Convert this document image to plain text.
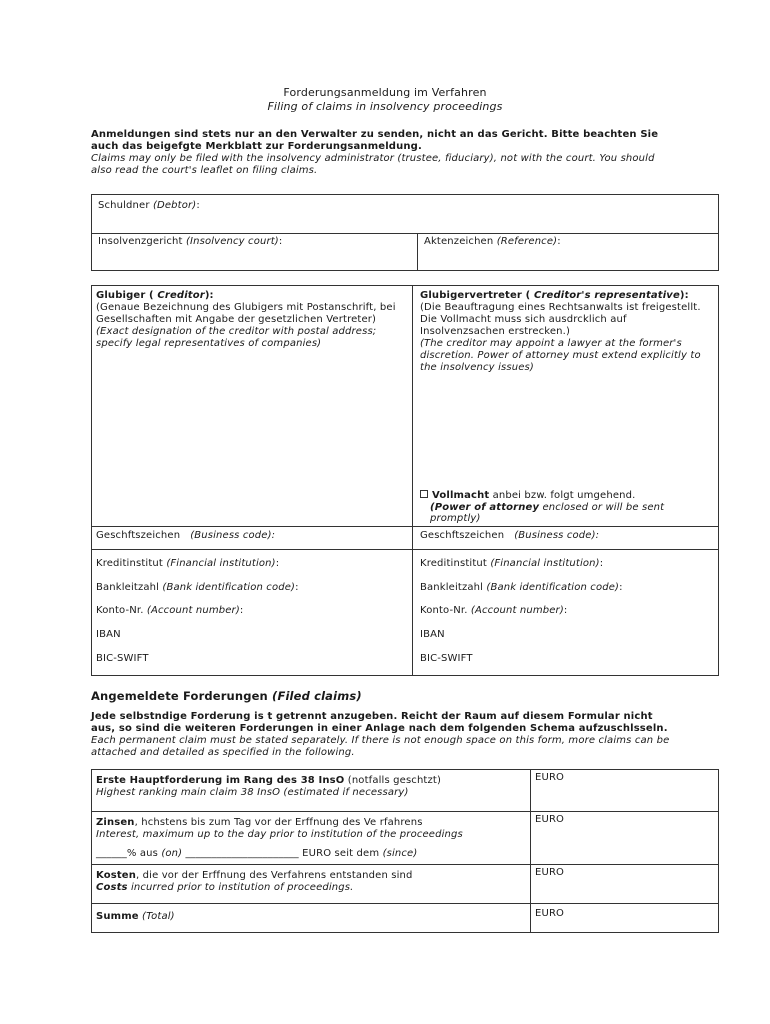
Forderungsanmeldung im Verfahren
Filing of claims in insolvency proceedings
Anmeldungen sind stets nur an den Verwalter zu senden, nicht an das Gericht. Bitte beachten Sie
auch das beigefgte Merkblatt zur Forderungsanmeldung.
Claims may only be filed with the insolvency administrator (trustee, fiduciary), not with the court. You should
also read the court's leaflet on filing claims.
Schuldner (Debtor):
Insolvenzgericht (Insolvency court):	Aktenzeichen (Reference):
Glubiger ( Creditor):
(Genaue Bezeichnung des Glubigers mit Postanschrift, bei
Gesellschaften mit Angabe der gesetzlichen Vertreter)
(Exact designation of the creditor with postal address;
specify legal representatives of companies)
Glubigervertreter ( Creditor's representative):
(Die Beauftragung eines Rechtsanwalts ist freigestellt.
Die Vollmacht muss sich ausdrcklich auf
Insolvenzsachen erstrecken.)
(The creditor may appoint a lawyer at the former's
discretion. Power of attorney must extend explicitly to
the insolvency issues)
Vollmacht anbei bzw. folgt umgehend.
(Power of attorney enclosed or will be sent
promptly)
Geschftszeichen (Business code):	Geschftszeichen (Business code):
Kreditinstitut (Financial institution):
Bankleitzahl (Bank identification code):
Konto-Nr. (Account number):
IBAN
BIC-SWIFT
Kreditinstitut (Financial institution):
Bankleitzahl (Bank identification code):
Konto-Nr. (Account number):
IBAN
BIC-SWIFT
Angemeldete Forderungen (Filed claims)
Jede selbstndige Forderung is t getrennt anzugeben. Reicht der Raum auf diesem Formular nicht
aus, so sind die weiteren Forderungen in einer Anlage nach dem folgenden Schema aufzuschlsseln.
Each permanent claim must be stated separately. If there is not enough space on this form, more claims can be
attached and detailed as specified in the following.
Erste Hauptforderung im Rang des 38 InsO (notfalls geschtzt)
Highest ranking main claim 38 InsO (estimated if necessary)
EURO
Zinsen, hchstens bis zum Tag vor der Erffnung des Ve rfahrens
Interest, maximum up to the day prior to institution of the proceedings
______% aus (on) ______________________ EURO seit dem (since)
EURO
Kosten, die vor der Erffnung des Verfahrens entstanden sind
Costs incurred prior to institution of proceedings.
EURO
Summe (Total)	EURO
